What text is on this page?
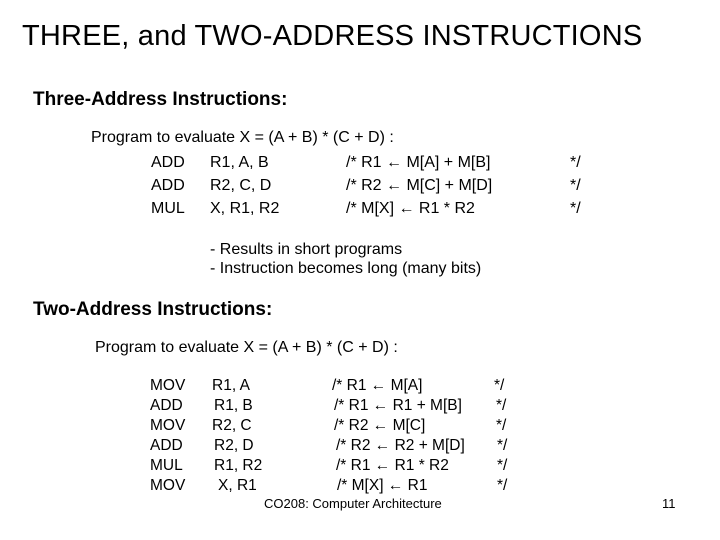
THREE, and TWO-ADDRESS INSTRUCTIONS
Three-Address Instructions:
Program to evaluate X = (A + B) * (C + D) :
ADD R1, A, B	/* R1 ← M[A] + M[B]	*/
ADD R2, C, D	/* R2 ← M[C] + M[D]	*/
MUL X, R1, R2	/* M[X] ← R1 * R2	*/
- Results in short programs
- Instruction becomes long (many bits)
Two-Address Instructions:
Program to evaluate X = (A + B) * (C + D) :
MOV R1, A	/* R1 ← M[A]	*/
ADD R1, B	/* R1 ← R1 + M[B] */
MOV R2, C	/* R2 ← M[C]	*/
ADD R2, D	/* R2 ← R2 + M[D] */
MUL R1, R2	/* R1 ← R1 * R2	*/
MOV X, R1	/* M[X] ← R1	*/
CO208: Computer Architecture	11
